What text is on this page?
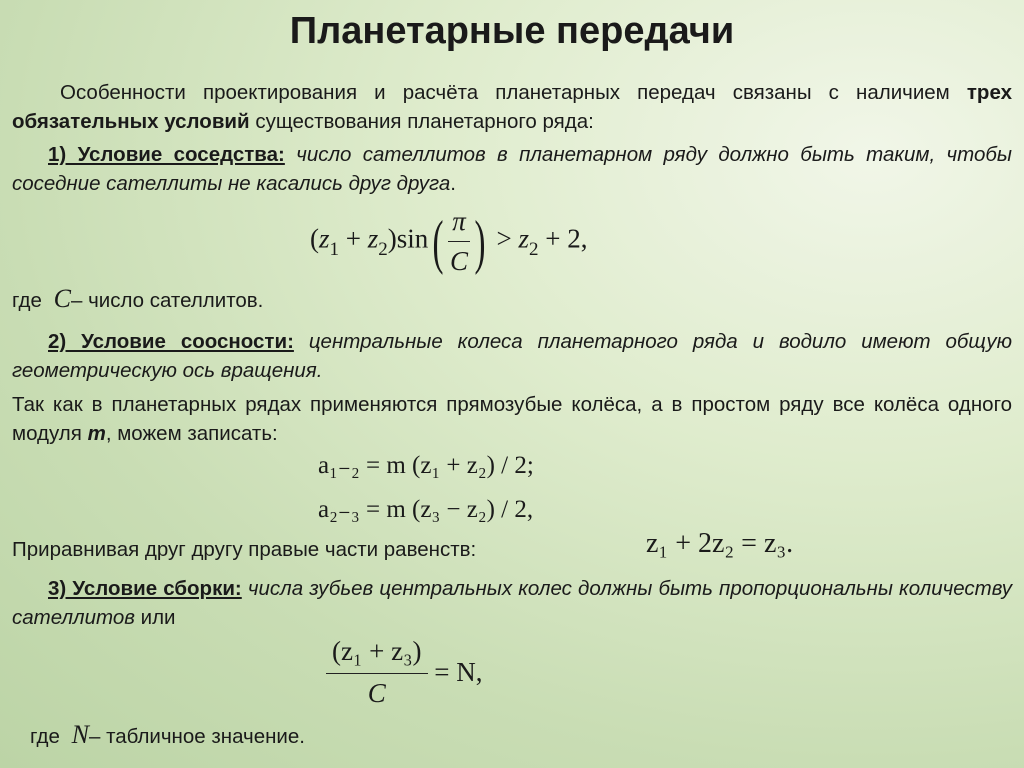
Планетарные передачи
Особенности проектирования и расчёта планетарных передач связаны с наличием трех обязательных условий существования планетарного ряда:
1) Условие соседства: число сателлитов в планетарном ряду должно быть таким, чтобы соседние сателлиты не касались друг друга.
$(z_1 + z_2)\sin( \frac{\pi}{C}$ ) > $z_2 + 2$,
где C– число сателлитов.
2) Условие соосности: центральные колеса планетарного ряда и водило имеют общую геометрическую ось вращения.
Так как в планетарных рядах применяются прямозубые колёса, а в простом ряду все колёса одного модуля m, можем записать:
a₁₋₂ = m (z₁ + z₂) / 2;
a₂₋₃ = m (z₃ − z₂) / 2,
Приравнивая друг другу правые части равенств:	z₁ + 2z₂ = z₃.
3) Условие сборки: числа зубьев центральных колес должны быть пропорциональны количеству сателлитов или
$\frac{\text{(z₁ + z₃)}}{C} = N$,
где N– табличное значение.
